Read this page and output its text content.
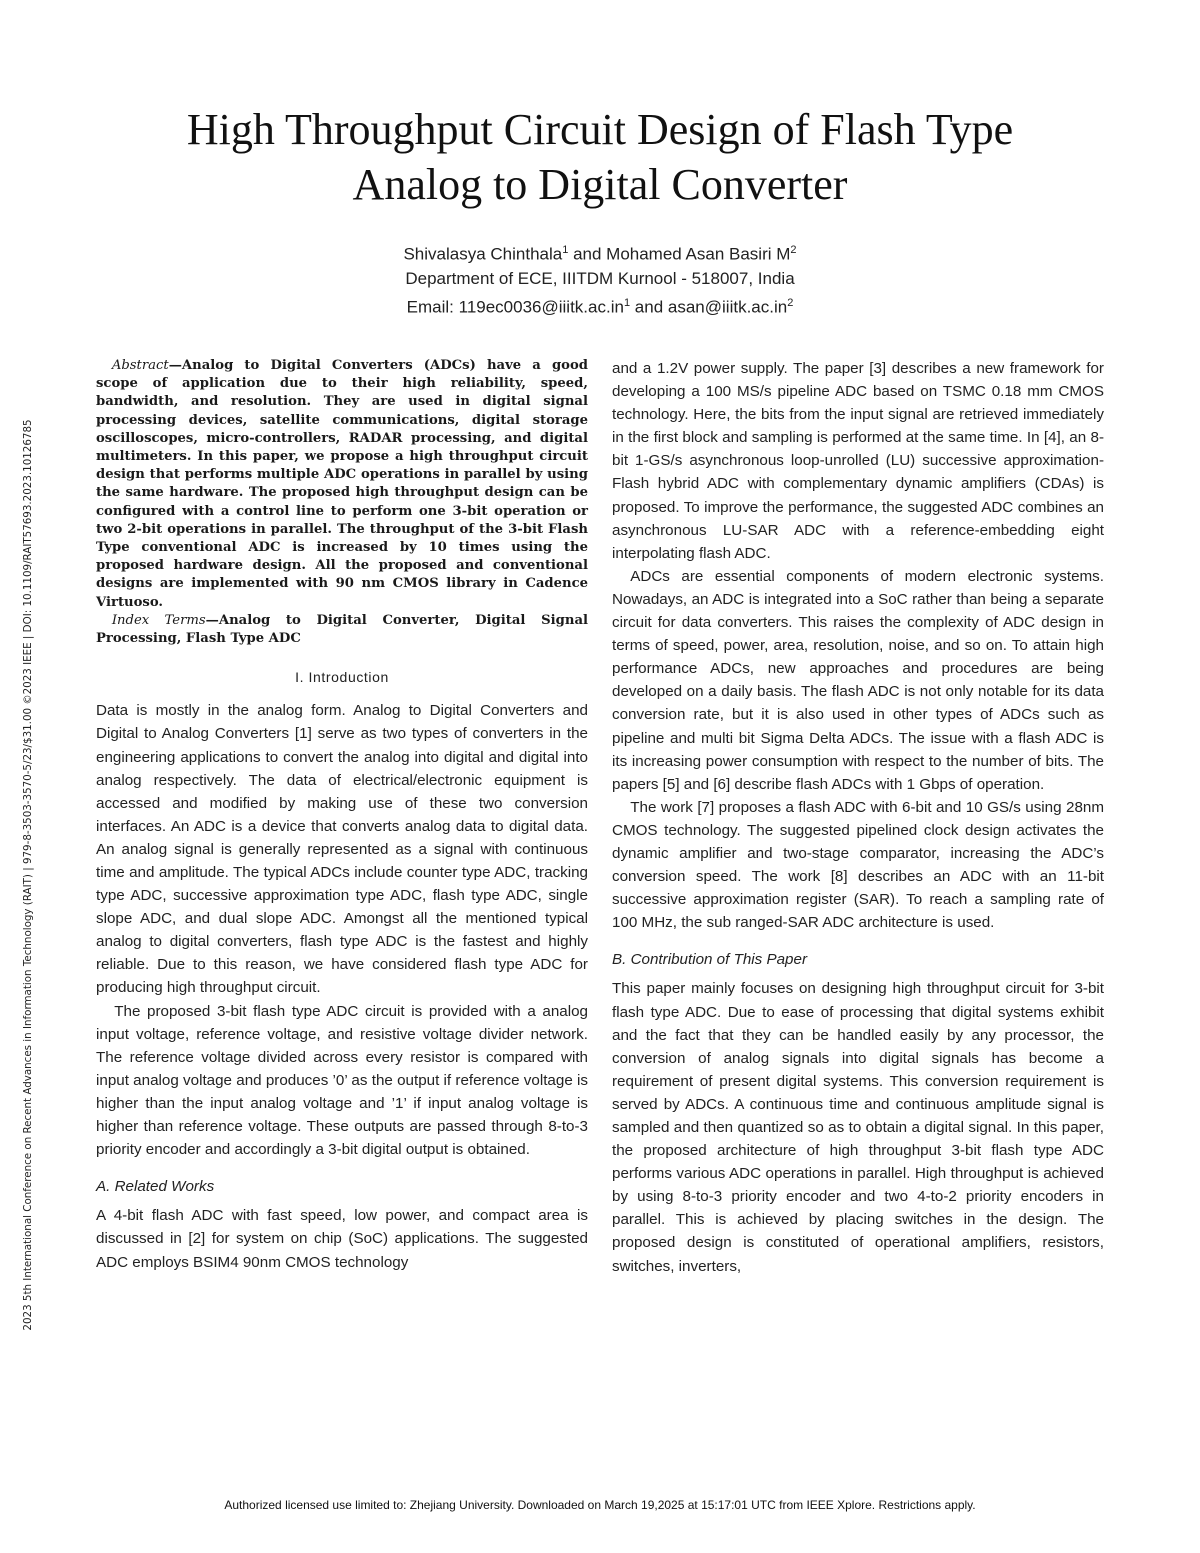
2023 5th International Conference on Recent Advances in Information Technology (RAIT) | 979-8-3503-3570-5/23/$31.00 ©2023 IEEE | DOI: 10.1109/RAIT57693.2023.10126785
High Throughput Circuit Design of Flash Type
Analog to Digital Converter
Shivalasya Chinthala$^1$ and Mohamed Asan Basiri $M^2$
Department of ECE, IIITDM Kurnool - 518007, India
Email: $119ec0036@iiitk.ac.in^1$ and $asan@iiitk.ac.in^2$

Abstract—Analog to Digital Converters (ADCs) have a good scope of application due to their high reliability, speed, bandwidth, and resolution. They are used in digital signal processing devices, satellite communications, digital storage oscilloscopes, micro-controllers, RADAR processing, and digital multimeters. In this paper, we propose a high throughput circuit design that performs multiple ADC operations in parallel by using the same hardware. The proposed high throughput design can be configured with a control line to perform one 3-bit operation or two 2-bit operations in parallel. The throughput of the 3-bit Flash Type conventional ADC is increased by 10 times using the proposed hardware design. All the proposed and conventional designs are implemented with 90 nm CMOS library in Cadence Virtuoso.

Index Terms—Analog to Digital Converter, Digital Signal Processing, Flash Type ADC

I. Introduction

Data is mostly in the analog form. Analog to Digital Converters and Digital to Analog Converters [1] serve as two types of converters in the engineering applications to convert the analog into digital and digital into analog respectively. The data of electrical/electronic equipment is accessed and modified by making use of these two conversion interfaces. An ADC is a device that converts analog data to digital data. An analog signal is generally represented as a signal with continuous time and amplitude. The typical ADCs include counter type ADC, tracking type ADC, successive approximation type ADC, flash type ADC, single slope ADC, and dual slope ADC. Amongst all the mentioned typical analog to digital converters, flash type ADC is the fastest and highly reliable. Due to this reason, we have considered flash type ADC for producing high throughput circuit.

The proposed 3-bit flash type ADC circuit is provided with a analog input voltage, reference voltage, and resistive voltage divider network. The reference voltage divided across every resistor is compared with input analog voltage and produces ’0’ as the output if reference voltage is higher than the input analog voltage and ’1’ if input analog voltage is higher than reference voltage. These outputs are passed through 8-to-3 priority encoder and accordingly a 3-bit digital output is obtained.

A. Related Works

A 4-bit flash ADC with fast speed, low power, and compact area is discussed in [2] for system on chip (SoC) applications. The suggested ADC employs BSIM4 90nm CMOS technology

and a 1.2V power supply. The paper [3] describes a new framework for developing a 100 MS/s pipeline ADC based on TSMC 0.18 mm CMOS technology. Here, the bits from the input signal are retrieved immediately in the first block and sampling is performed at the same time. In [4], an 8-bit 1-GS/s asynchronous loop-unrolled (LU) successive approximation-Flash hybrid ADC with complementary dynamic amplifiers (CDAs) is proposed. To improve the performance, the suggested ADC combines an asynchronous LU-SAR ADC with a reference-embedding eight interpolating flash ADC.

ADCs are essential components of modern electronic systems. Nowadays, an ADC is integrated into a SoC rather than being a separate circuit for data converters. This raises the complexity of ADC design in terms of speed, power, area, resolution, noise, and so on. To attain high performance ADCs, new approaches and procedures are being developed on a daily basis. The flash ADC is not only notable for its data conversion rate, but it is also used in other types of ADCs such as pipeline and multi bit Sigma Delta ADCs. The issue with a flash ADC is its increasing power consumption with respect to the number of bits. The papers [5] and [6] describe flash ADCs with 1 Gbps of operation.

The work [7] proposes a flash ADC with 6-bit and 10 GS/s using 28nm CMOS technology. The suggested pipelined clock design activates the dynamic amplifier and two-stage comparator, increasing the ADC’s conversion speed. The work [8] describes an ADC with an 11-bit successive approximation register (SAR). To reach a sampling rate of 100 MHz, the sub ranged-SAR ADC architecture is used.

B. Contribution of This Paper

This paper mainly focuses on designing high throughput circuit for 3-bit flash type ADC. Due to ease of processing that digital systems exhibit and the fact that they can be handled easily by any processor, the conversion of analog signals into digital signals has become a requirement of present digital systems. This conversion requirement is served by ADCs. A continuous time and continuous amplitude signal is sampled and then quantized so as to obtain a digital signal. In this paper, the proposed architecture of high throughput 3-bit flash type ADC performs various ADC operations in parallel. High throughput is achieved by using 8-to-3 priority encoder and two 4-to-2 priority encoders in parallel. This is achieved by placing switches in the design. The proposed design is constituted of operational amplifiers, resistors, switches, inverters,

Authorized licensed use limited to: Zhejiang University. Downloaded on March 19,2025 at 15:17:01 UTC from IEEE Xplore. Restrictions apply.
